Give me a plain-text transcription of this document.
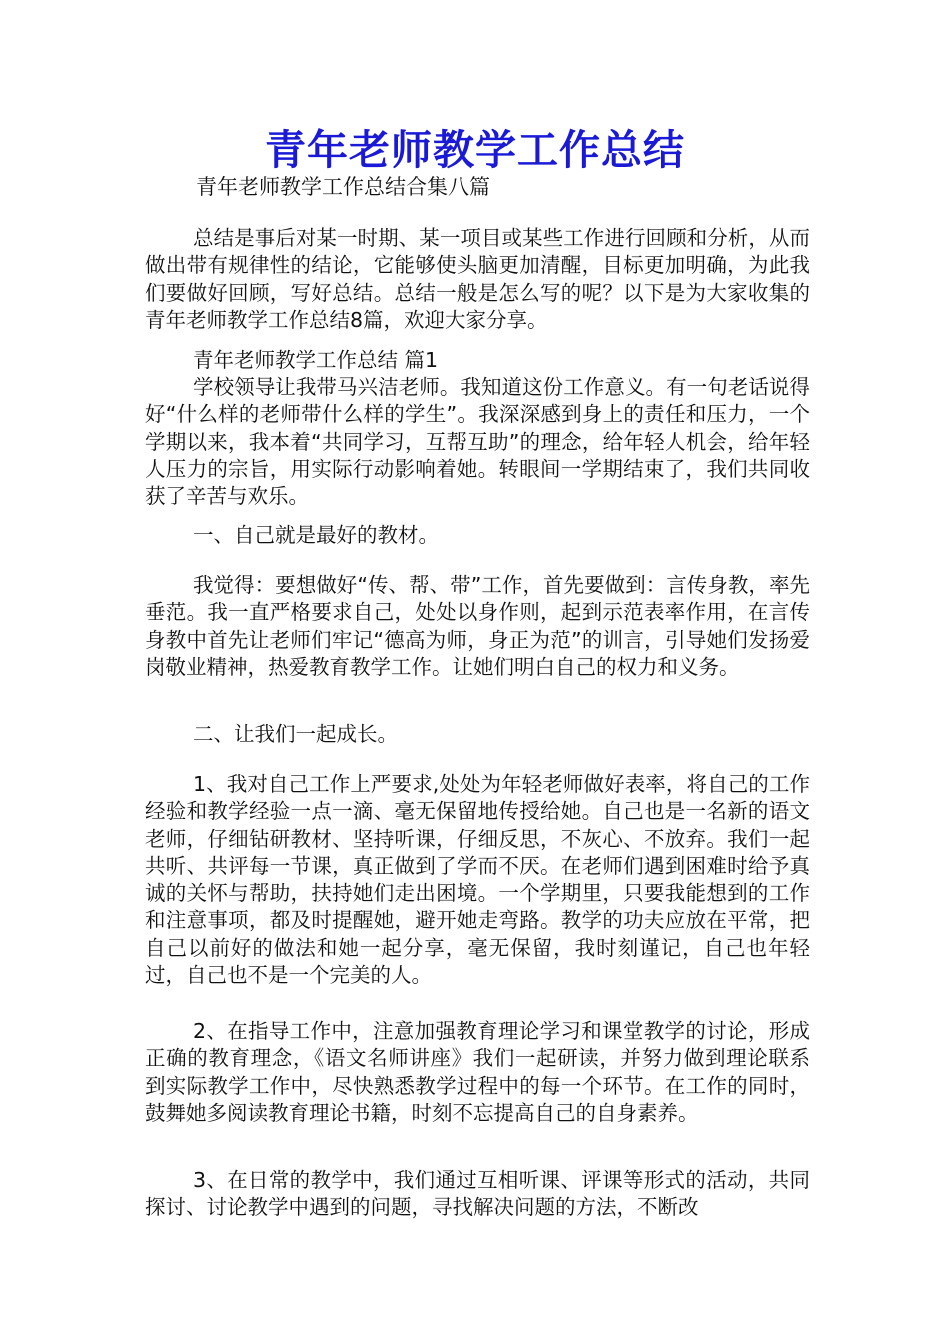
青年老师教学工作总结

青年老师教学工作总结合集八篇

总结是事后对某一时期、某一项目或某些工作进行回顾和分析，从而做出带有规律性的结论，它能够使头脑更加清醒，目标更加明确，为此我们要做好回顾，写好总结。总结一般是怎么写的呢？以下是为大家收集的青年老师教学工作总结8篇，欢迎大家分享。

青年老师教学工作总结 篇1

学校领导让我带马兴洁老师。我知道这份工作意义。有一句老话说得好“什么样的老师带什么样的学生”。我深深感到身上的责任和压力，一个学期以来，我本着“共同学习，互帮互助”的理念，给年轻人机会，给年轻人压力的宗旨，用实际行动影响着她。转眼间一学期结束了，我们共同收获了辛苦与欢乐。

一、自己就是最好的教材。

我觉得：要想做好“传、帮、带”工作，首先要做到：言传身教，率先垂范。我一直严格要求自己，处处以身作则，起到示范表率作用，在言传身教中首先让老师们牢记“德高为师，身正为范”的训言，引导她们发扬爱岗敬业精神，热爱教育教学工作。让她们明白自己的权力和义务。

二、让我们一起成长。

1、我对自己工作上严要求,处处为年轻老师做好表率，将自己的工作经验和教学经验一点一滴、毫无保留地传授给她。自己也是一名新的语文老师，仔细钻研教材、坚持听课，仔细反思，不灰心、不放弃。我们一起共听、共评每一节课，真正做到了学而不厌。在老师们遇到困难时给予真诚的关怀与帮助，扶持她们走出困境。一个学期里，只要我能想到的工作和注意事项，都及时提醒她，避开她走弯路。教学的功夫应放在平常，把自己以前好的做法和她一起分享，毫无保留，我时刻谨记，自己也年轻过，自己也不是一个完美的人。

2、在指导工作中，注意加强教育理论学习和课堂教学的讨论，形成正确的教育理念，《语文名师讲座》我们一起研读，并努力做到理论联系到实际教学工作中，尽快熟悉教学过程中的每一个环节。在工作的同时，鼓舞她多阅读教育理论书籍，时刻不忘提高自己的自身素养。

3、在日常的教学中，我们通过互相听课、评课等形式的活动，共同探讨、讨论教学中遇到的问题，寻找解决问题的方法，不断改
